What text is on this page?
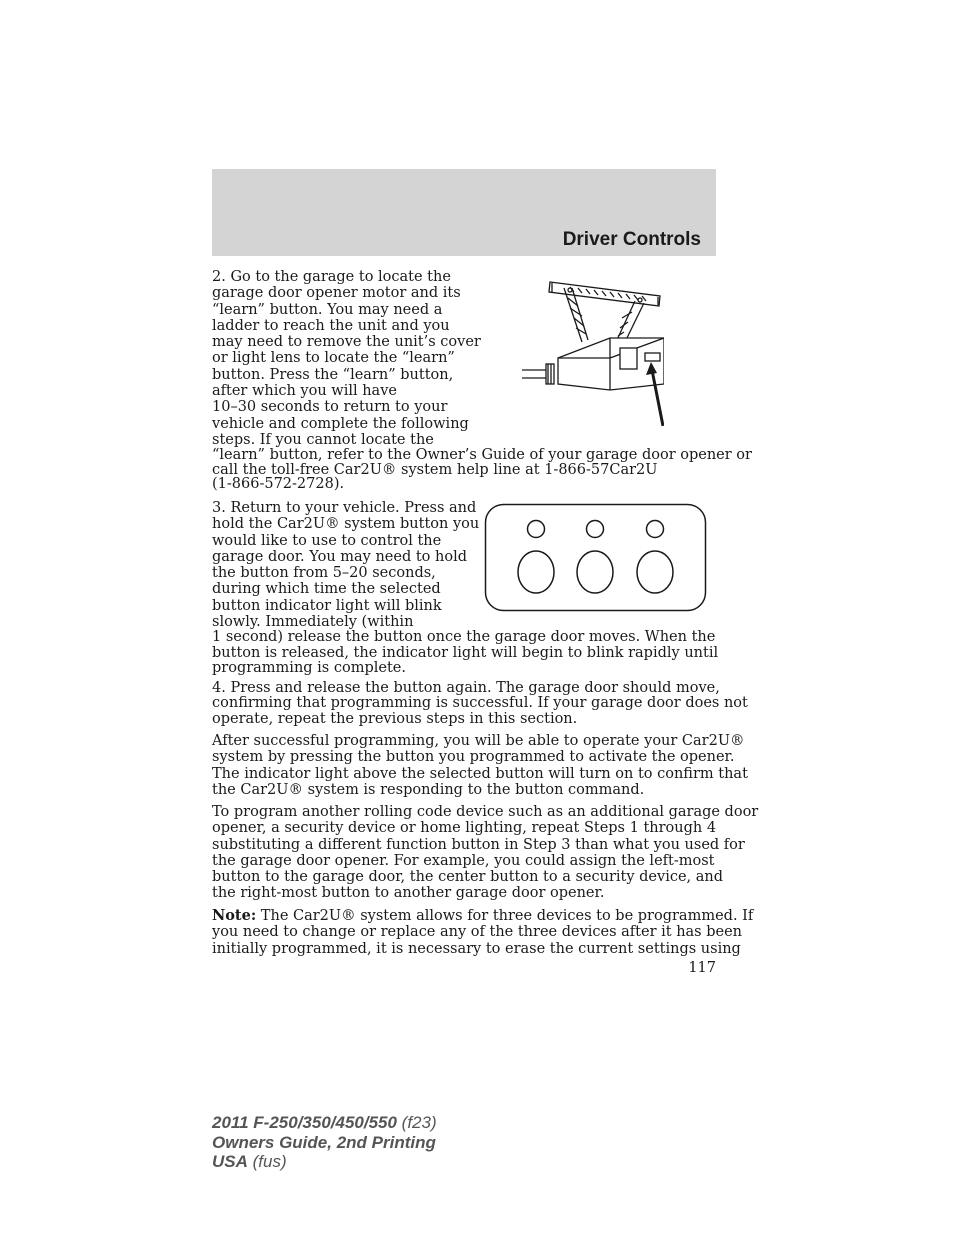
Driver Controls
2. Go to the garage to locate the
garage door opener motor and its
“learn” button. You may need a
ladder to reach the unit and you
may need to remove the unit’s cover
or light lens to locate the “learn”
button. Press the “learn” button,
after which you will have
10–30 seconds to return to your
vehicle and complete the following
steps. If you cannot locate the
“learn” button, refer to the Owner’s Guide of your garage door opener or
call the toll-free Car2U® system help line at 1-866-57Car2U
(1-866-572-2728).
3. Return to your vehicle. Press and
hold the Car2U® system button you
would like to use to control the
garage door. You may need to hold
the button from 5–20 seconds,
during which time the selected
button indicator light will blink
slowly. Immediately (within
1 second) release the button once the garage door moves. When the
button is released, the indicator light will begin to blink rapidly until
programming is complete.
4. Press and release the button again. The garage door should move,
confirming that programming is successful. If your garage door does not
operate, repeat the previous steps in this section.
After successful programming, you will be able to operate your Car2U®
system by pressing the button you programmed to activate the opener.
The indicator light above the selected button will turn on to confirm that
the Car2U® system is responding to the button command.
To program another rolling code device such as an additional garage door
opener, a security device or home lighting, repeat Steps 1 through 4
substituting a different function button in Step 3 than what you used for
the garage door opener. For example, you could assign the left-most
button to the garage door, the center button to a security device, and
the right-most button to another garage door opener.
Note: The Car2U® system allows for three devices to be programmed. If
you need to change or replace any of the three devices after it has been
initially programmed, it is necessary to erase the current settings using
117
2011 F-250/350/450/550 (f23)
Owners Guide, 2nd Printing
USA (fus)
